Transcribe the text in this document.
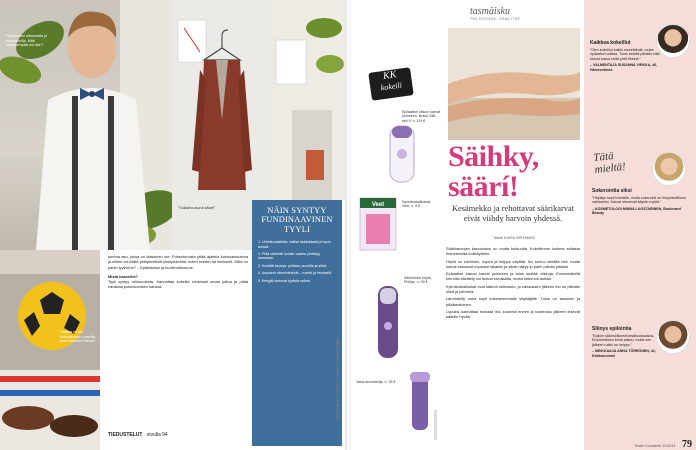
”Vesimeloni sitruunalla ja rosmariinilla. Mitä kesäisempää voi olla?”
”Sukkahousuna kädet”	NÄIN SYNTYY FUNDINAAVINEN TYYLI
1. Urheiluvaatteita: valitse laadukkaat ja hyvin istuvat.
2. Pidä väreistä huolta: vaalea yhdistyy tummaan.
3. Kesällä kepeys: pellava, puuvilla ja silkki.
4. Asusteet viimeistelevät – rusetti ja henkselit.
5. Kengät kertovat tyylistä eniten.
TEKSTI ELINA HYTÖNEN • KUVAT ILKKA PELTONEN
”Vaikka en ole kokoaikainen urheilija, tuon tallaseen takaan”
tumma asu, jossa on klassinen ote. Pukeutumista pitää ajatella kokonaisuutena ja siihen voi lisätä yllätyksellisiä yksityiskohtia, kuten rusetin tai henkselit. Mikä on pahin tyylivirhe? – Epäsiisteys ja huolimattomuus.
Mistä haaveilet?
Tyyli syntyy rohkeudesta. Kannattaa kokeilla rohkeasti omaa juttua ja pitää hauskaa pukeutumisen kanssa.
TIEDUSTELUT sivulla 94
KK
kokeili
Epilaattori kiskoo karvat juurineen. Braun Silk-épil 9, n. 119 €
Veet	Kylmävahaliuskat, Veet, n. 9 €
Sähköinen höylä, Philips, n. 39 €
Vaha-annostelija, n. 25 €
tasmäisku
TEE KOTONA, OSAA ITSE
Säihky, säärí!
Kesämekko ja rehottavat säärikarvat eivät viihdy harvoin yhdessä.
Teksti KAISA VIRTANEN
Säärikarvojen kasvukausi on mutta kohtuulta. Kokeilimme kolmea erilaista menetelmää kotikäyttöön.
Höylä on edullinen, nopea ja helppo käyttää. Iho tuntuu sileältä heti, mutta karvat kasvavat nopeasti takaisin ja sänki näkyy jo parin päivän päästä.
Epilaattori kiskoo karvat juurineen ja tulos kestää viikkoja. Ensimmäisillä kerroilla käsittely voi tuntua kivuliaalta, mutta tottumus auttaa.
Kylmävahaliuskat ovat kätevä välimuoto, ja vahauksen jälkeen iho on pitkään sileä ja pehmeä.
Lämmitetty vaha sopii kokeneemmalle käyttäjälle. Tulos on tasainen ja pitkäkestoinen.
Lopuksi kannattaa muistaa iho: kuorinta ennen ja kosteutus jälkeen tekevät säärille hyvää.
Kaikkea kokeillut
”Olen kokeillut kaikki menetelmät, mutta epilaattori voittaa. Tulos kestää pitkään eikä karvat kasva enää yhtä tiheinä.”
– VALMENTAJA SUSANNA VIRKKA, 46, Hämeenlinna
Tätä mieltä!
Sokerointia siksi
”Höyläys sopii kiireisille, mutta sokerointi on ihoystävällinen vaihtoehto. Karvat ohenevat käytön myötä.”
– KOSMETOLOGI MINNA LUOSTARINEN, Boulevard Beauty
Sliinys epilointia
”Epiloin säännöllisesti kesäkuukausina. Ensimmäinen kerta sattuu, mutta sen jälkeen rutiini on helppo.”
– MEIKKAAJA ANNA TÖRRÖNEN, 41, Kirkkonummi
Kodin Kuvalehti 11/2014 79
